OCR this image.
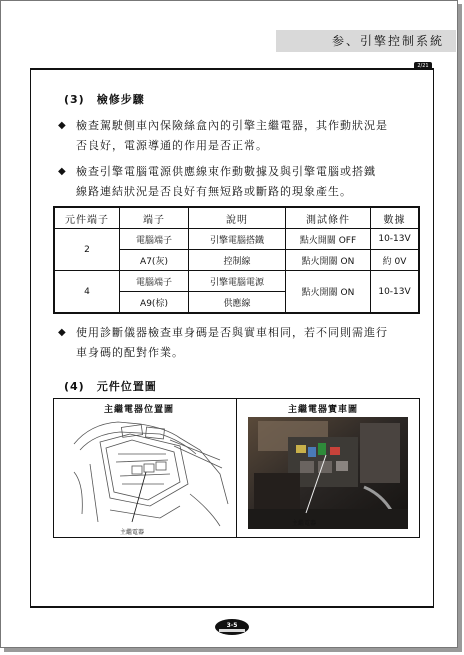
参、引擎控制系統
2/21
(3)　檢修步驟
◆ 檢查駕駛側車內保險絲盒內的引擎主繼電器，其作動狀況是
否良好，電源導通的作用是否正常。
◆ 檢查引擎電腦電源供應線束作動數據及與引擎電腦或搭鐵
線路連結狀況是否良好有無短路或斷路的現象產生。
元件端子	端子	說明	測試條件	數據
2	電腦端子	引擎電腦搭鐵	點火開關 OFF	10-13V
	A7(灰)	控制線	點火開關 ON	約 0V
4	電腦端子	引擎電腦電源	點火開關 ON	10-13V
	A9(棕)	供應線		
◆ 使用診斷儀器檢查車身碼是否與實車相同，若不同則需進行
車身碼的配對作業。
(4)　元件位置圖
主繼電器位置圖	主繼電器實車圖
主繼電器
主繼電器
3-5
